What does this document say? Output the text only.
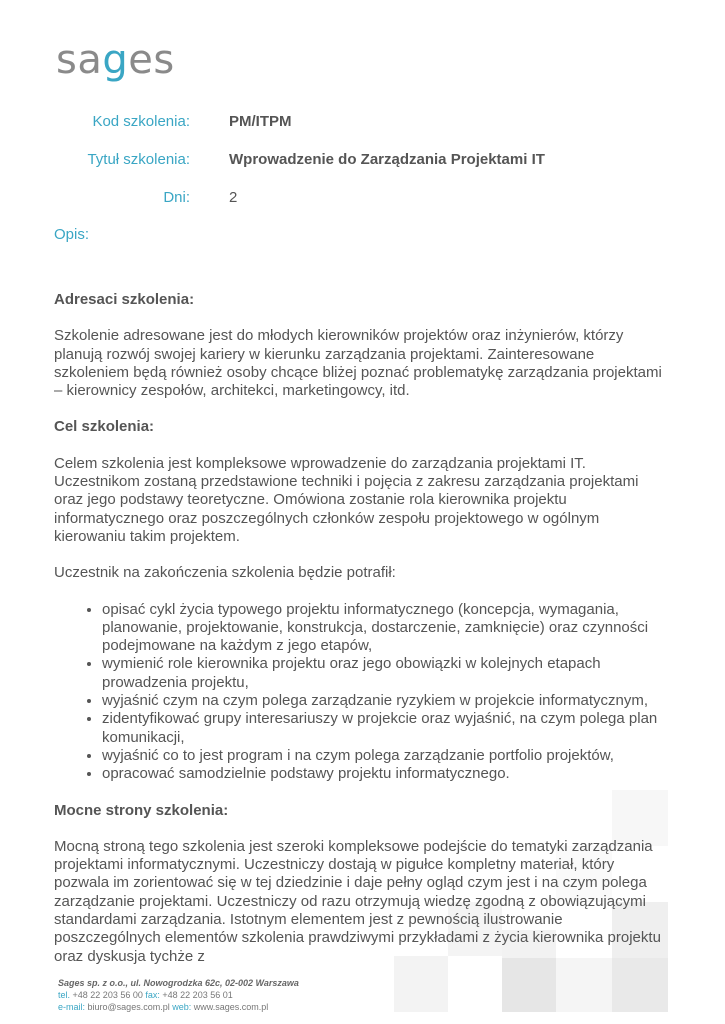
sages
Kod szkolenia:	PM/ITPM
Tytuł szkolenia:	Wprowadzenie do Zarządzania Projektami IT
Dni:	2
Opis:
Adresaci szkolenia:

Szkolenie adresowane jest do młodych kierowników projektów oraz inżynierów, którzy planują rozwój swojej kariery w kierunku zarządzania projektami. Zainteresowane szkoleniem będą również osoby chcące bliżej poznać problematykę zarządzania projektami – kierownicy zespołów, architekci, marketingowcy, itd.

Cel szkolenia:

Celem szkolenia jest kompleksowe wprowadzenie do zarządzania projektami IT. Uczestnikom zostaną przedstawione techniki i pojęcia z zakresu zarządzania projektami oraz jego podstawy teoretyczne. Omówiona zostanie rola kierownika projektu informatycznego oraz poszczególnych członków zespołu projektowego w ogólnym kierowaniu takim projektem.

Uczestnik na zakończenia szkolenia będzie potrafił:

• opisać cykl życia typowego projektu informatycznego (koncepcja, wymagania, planowanie, projektowanie, konstrukcja, dostarczenie, zamknięcie) oraz czynności podejmowane na każdym z jego etapów,
• wymienić role kierownika projektu oraz jego obowiązki w kolejnych etapach prowadzenia projektu,
• wyjaśnić czym na czym polega zarządzanie ryzykiem w projekcie informatycznym,
• zidentyfikować grupy interesariuszy w projekcie oraz wyjaśnić, na czym polega plan komunikacji,
• wyjaśnić co to jest program i na czym polega zarządzanie portfolio projektów,
• opracować samodzielnie podstawy projektu informatycznego.
Mocne strony szkolenia:

Mocną stroną tego szkolenia jest szeroki kompleksowe podejście do tematyki zarządzania projektami informatycznymi. Uczestniczy dostają w pigułce kompletny materiał, który pozwala im zorientować się w tej dziedzinie i daje pełny ogląd czym jest i na czym polega zarządzanie projektami. Uczestniczy od razu otrzymują wiedzę zgodną z obowiązującymi standardami zarządzania. Istotnym elementem jest z pewnością ilustrowanie poszczególnych elementów szkolenia prawdziwymi przykładami z życia kierownika projektu oraz dyskusja tychże z

Sages sp. z o.o., ul. Nowogrodzka 62c, 02-002 Warszawa
tel. +48 22 203 56 00 fax: +48 22 203 56 01
e-mail: biuro@sages.com.pl web: www.sages.com.pl
